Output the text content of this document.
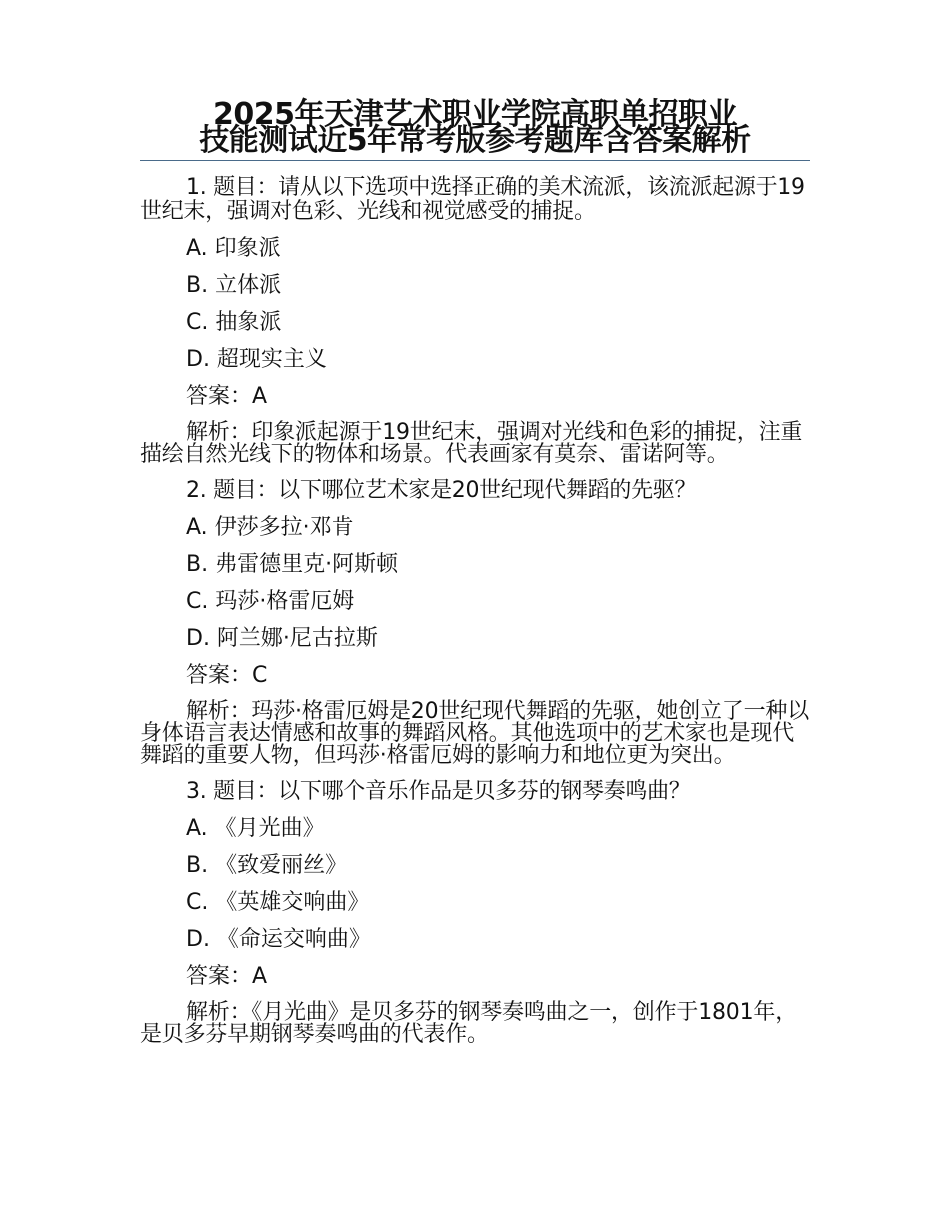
2025年天津艺术职业学院高职单招职业
技能测试近5年常考版参考题库含答案解析

1. 题目：请从以下选项中选择正确的美术流派，该流派起源于19世纪末，强调对色彩、光线和视觉感受的捕捉。

A. 印象派

B. 立体派

C. 抽象派

D. 超现实主义

答案：A

解析：印象派起源于19世纪末，强调对光线和色彩的捕捉，注重描绘自然光线下的物体和场景。代表画家有莫奈、雷诺阿等。

2. 题目：以下哪位艺术家是20世纪现代舞蹈的先驱？

A. 伊莎多拉·邓肯

B. 弗雷德里克·阿斯顿

C. 玛莎·格雷厄姆

D. 阿兰娜·尼古拉斯

答案：C

解析：玛莎·格雷厄姆是20世纪现代舞蹈的先驱，她创立了一种以身体语言表达情感和故事的舞蹈风格。其他选项中的艺术家也是现代舞蹈的重要人物，但玛莎·格雷厄姆的影响力和地位更为突出。

3. 题目：以下哪个音乐作品是贝多芬的钢琴奏鸣曲？

A. 《月光曲》

B. 《致爱丽丝》

C. 《英雄交响曲》

D. 《命运交响曲》

答案：A

解析：《月光曲》是贝多芬的钢琴奏鸣曲之一，创作于1801年，是贝多芬早期钢琴奏鸣曲的代表作。
